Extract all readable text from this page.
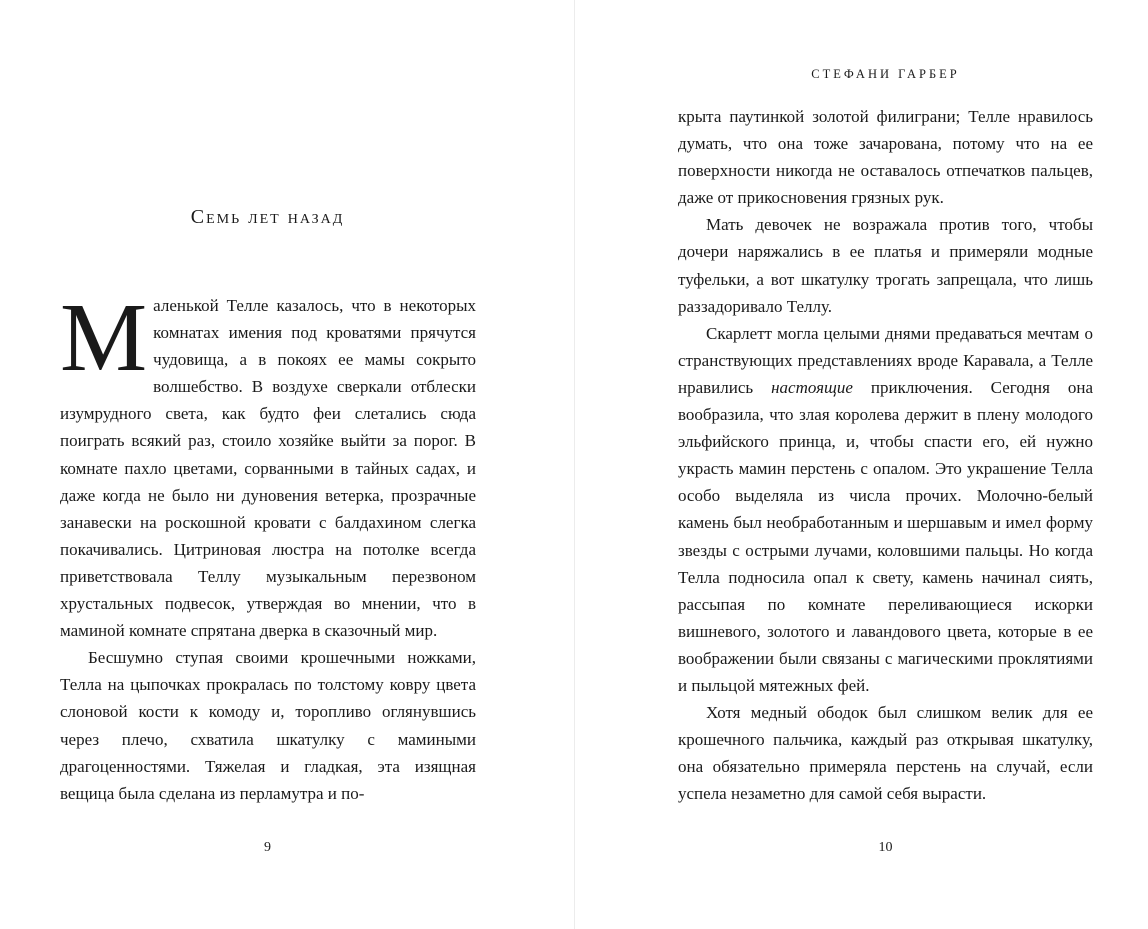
Семь лет назад

Маленькой Телле казалось, что в некоторых комнатах имения под кроватями прячутся чудовища, а в покоях ее мамы сокрыто волшебство. В воздухе сверкали отблески изумрудного света, как будто феи слетались сюда поиграть всякий раз, стоило хозяйке выйти за порог. В комнате пахло цветами, сорванными в тайных садах, и даже когда не было ни дуновения ветерка, прозрачные занавески на роскошной кровати с балдахином слегка покачивались. Цитриновая люстра на потолке всегда приветствовала Теллу музыкальным перезвоном хрустальных подвесок, утверждая во мнении, что в маминой комнате спрятана дверка в сказочный мир.

Бесшумно ступая своими крошечными ножками, Телла на цыпочках прокралась по толстому ковру цвета слоновой кости к комоду и, торопливо оглянувшись через плечо, схватила шкатулку с мамиными драгоценностями. Тяжелая и гладкая, эта изящная вещица была сделана из перламутра и по-

9
СТЕФАНИ ГАРБЕР

крыта паутинкой золотой филиграни; Телле нравилось думать, что она тоже зачарована, потому что на ее поверхности никогда не оставалось отпечатков пальцев, даже от прикосновения грязных рук.

Мать девочек не возражала против того, чтобы дочери наряжались в ее платья и примеряли модные туфельки, а вот шкатулку трогать запрещала, что лишь раззадоривало Теллу.

Скарлетт могла целыми днями предаваться мечтам о странствующих представлениях вроде Каравала, а Телле нравились настоящие приключения. Сегодня она вообразила, что злая королева держит в плену молодого эльфийского принца, и, чтобы спасти его, ей нужно украсть мамин перстень с опалом. Это украшение Телла особо выделяла из числа прочих. Молочно-белый камень был необработанным и шершавым и имел форму звезды с острыми лучами, коловшими пальцы. Но когда Телла подносила опал к свету, камень начинал сиять, рассыпая по комнате переливающиеся искорки вишневого, золотого и лавандового цвета, которые в ее воображении были связаны с магическими проклятиями и пыльцой мятежных фей.

Хотя медный ободок был слишком велик для ее крошечного пальчика, каждый раз открывая шкатулку, она обязательно примеряла перстень на случай, если успела незаметно для самой себя вырасти.

10
